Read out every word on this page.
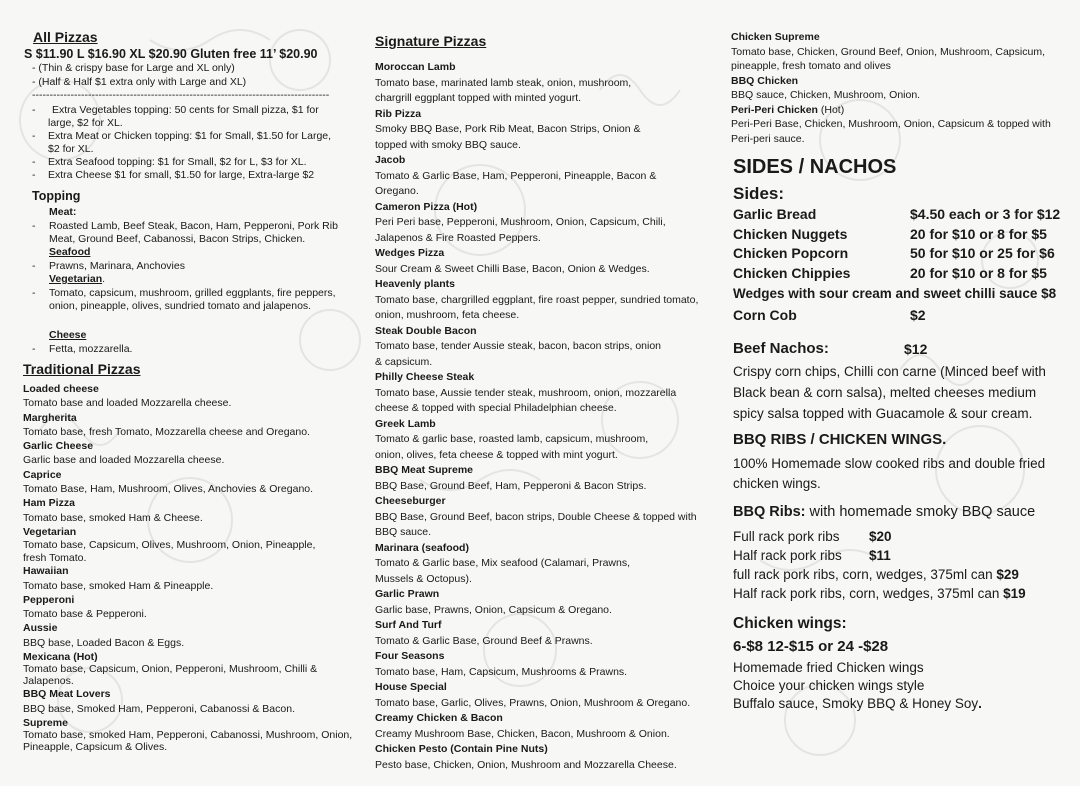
All Pizzas
S $11.90 L $16.90 XL $20.90 Gluten free 11’ $20.90
- (Thin & crispy base for Large and XL only)
- (Half & Half $1 extra only with Large and XL)
-------------------------------------------------------------------------------------
- Extra Vegetables topping: 50 cents for Small pizza, $1 for large, $2 for XL.
- Extra Meat or Chicken topping: $1 for Small, $1.50 for Large, $2 for XL.
- Extra Seafood topping: $1 for Small, $2 for L, $3 for XL.
- Extra Cheese $1 for small, $1.50 for large, Extra-large $2
Topping
Meat:
- Roasted Lamb, Beef Steak, Bacon, Ham, Pepperoni, Pork Rib Meat, Ground Beef, Cabanossi, Bacon Strips, Chicken.
Seafood
- Prawns, Marinara, Anchovies
Vegetarian.
- Tomato, capsicum, mushroom, grilled eggplants, fire peppers, onion, pineapple, olives, sundried tomato and jalapenos.
Cheese
- Fetta, mozzarella.
Traditional Pizzas
Loaded cheese
Tomato base and loaded Mozzarella cheese.
Margherita
Tomato base, fresh Tomato, Mozzarella cheese and Oregano.
Garlic Cheese
Garlic base and loaded Mozzarella cheese.
Caprice
Tomato Base, Ham, Mushroom, Olives, Anchovies & Oregano.
Ham Pizza
Tomato base, smoked Ham & Cheese.
Vegetarian
Tomato base, Capsicum, Olives, Mushroom, Onion, Pineapple, fresh Tomato.
Hawaiian
Tomato base, smoked Ham & Pineapple.
Pepperoni
Tomato base & Pepperoni.
Aussie
BBQ base, Loaded Bacon & Eggs.
Mexicana (Hot)
Tomato base, Capsicum, Onion, Pepperoni, Mushroom, Chilli & Jalapenos.
BBQ Meat Lovers
BBQ base, Smoked Ham, Pepperoni, Cabanossi & Bacon.
Supreme
Tomato base, smoked Ham, Pepperoni, Cabanossi, Mushroom, Onion, Pineapple, Capsicum & Olives.
Signature Pizzas
Moroccan Lamb
Tomato base, marinated lamb steak, onion, mushroom, chargrill eggplant topped with minted yogurt.
Rib Pizza
Smoky BBQ Base, Pork Rib Meat, Bacon Strips, Onion & topped with smoky BBQ sauce.
Jacob
Tomato & Garlic Base, Ham, Pepperoni, Pineapple, Bacon & Oregano.
Cameron Pizza (Hot)
Peri Peri base, Pepperoni, Mushroom, Onion, Capsicum, Chili, Jalapenos & Fire Roasted Peppers.
Wedges Pizza
Sour Cream & Sweet Chilli Base, Bacon, Onion & Wedges.
Heavenly plants
Tomato base, chargrilled eggplant, fire roast pepper, sundried tomato, onion, mushroom, feta cheese.
Steak Double Bacon
Tomato base, tender Aussie steak, bacon, bacon strips, onion & capsicum.
Philly Cheese Steak
Tomato base, Aussie tender steak, mushroom, onion, mozzarella cheese & topped with special Philadelphian cheese.
Greek Lamb
Tomato & garlic base, roasted lamb, capsicum, mushroom, onion, olives, feta cheese & topped with mint yogurt.
BBQ Meat Supreme
BBQ Base, Ground Beef, Ham, Pepperoni & Bacon Strips.
Cheeseburger
BBQ Base, Ground Beef, bacon strips, Double Cheese & topped with BBQ sauce.
Marinara (seafood)
Tomato & Garlic base, Mix seafood (Calamari, Prawns, Mussels & Octopus).
Garlic Prawn
Garlic base, Prawns, Onion, Capsicum & Oregano.
Surf And Turf
Tomato & Garlic Base, Ground Beef & Prawns.
Four Seasons
Tomato base, Ham, Capsicum, Mushrooms & Prawns.
House Special
Tomato base, Garlic, Olives, Prawns, Onion, Mushroom & Oregano.
Creamy Chicken & Bacon
Creamy Mushroom Base, Chicken, Bacon, Mushroom & Onion.
Chicken Pesto (Contain Pine Nuts)
Pesto base, Chicken, Onion, Mushroom and Mozzarella Cheese.
Chicken Supreme
Tomato base, Chicken, Ground Beef, Onion, Mushroom, Capsicum, pineapple, fresh tomato and olives
BBQ Chicken
BBQ sauce, Chicken, Mushroom, Onion.
Peri-Peri Chicken (Hot)
Peri-Peri Base, Chicken, Mushroom, Onion, Capsicum & topped with Peri-peri sauce.
SIDES / NACHOS
Sides:
Garlic Bread	$4.50 each or 3 for $12
Chicken Nuggets	20 for $10 or 8 for $5
Chicken Popcorn	50 for $10 or 25 for $6
Chicken Chippies	20 for $10 or 8 for $5
Wedges with sour cream and sweet chilli sauce $8
Corn Cob	$2
Beef Nachos:	$12
Crispy corn chips, Chilli con carne (Minced beef with Black bean & corn salsa), melted cheeses medium spicy salsa topped with Guacamole & sour cream.
BBQ RIBS / CHICKEN WINGS.
100% Homemade slow cooked ribs and double fried chicken wings.
BBQ Ribs: with homemade smoky BBQ sauce
Full rack pork ribs $20
Half rack pork ribs $11
full rack pork ribs, corn, wedges, 375ml can $29
Half rack pork ribs, corn, wedges, 375ml can $19
Chicken wings:
6-$8 12-$15 or 24 -$28
Homemade fried Chicken wings
Choice your chicken wings style
Buffalo sauce, Smoky BBQ & Honey Soy.
